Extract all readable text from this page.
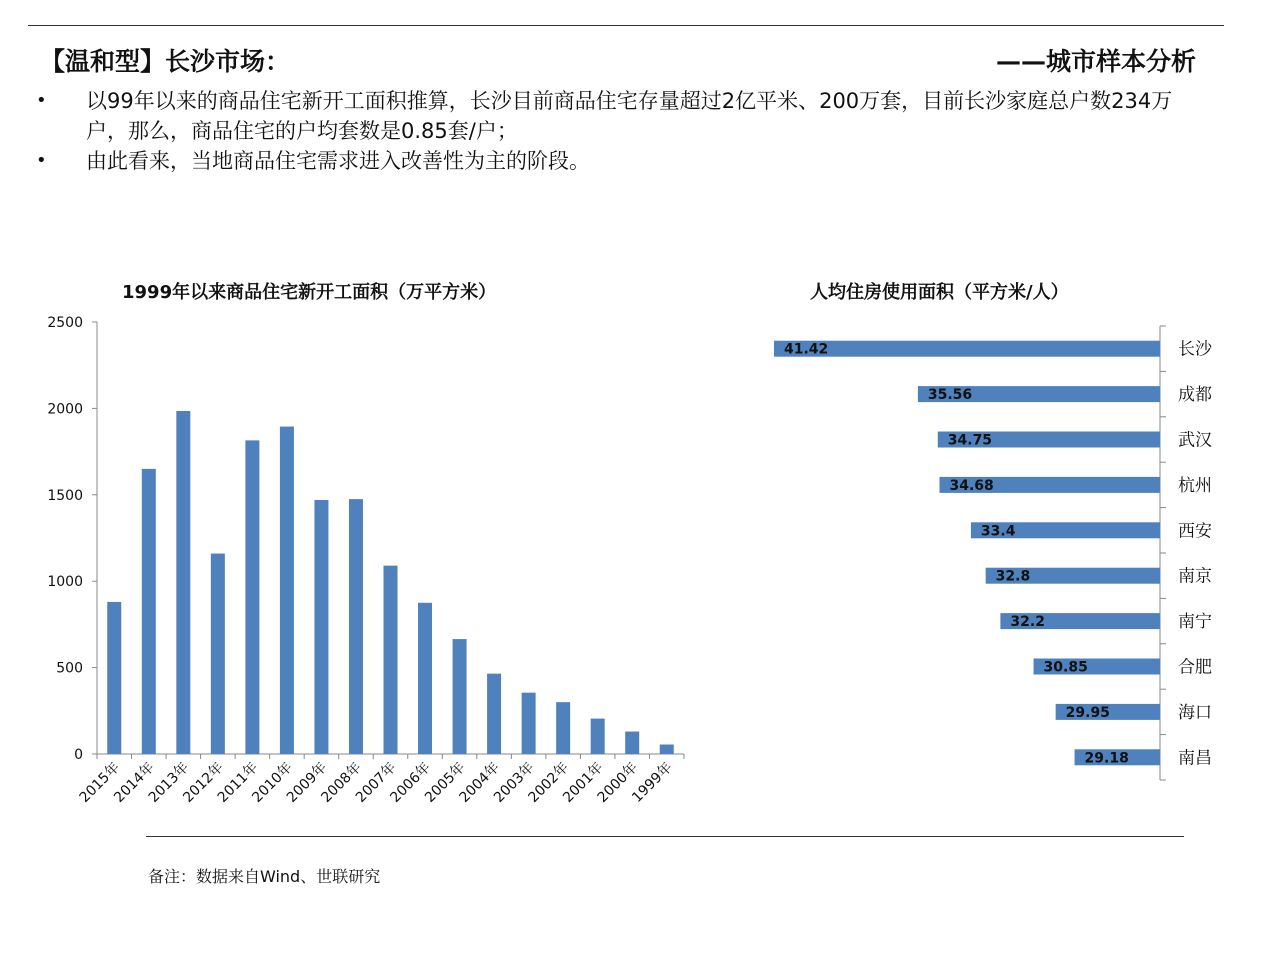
【温和型】长沙市场：	——城市样本分析
• 以99年以来的商品住宅新开工面积推算，长沙目前商品住宅存量超过2亿平米、200万套，目前长沙家庭总户数234万户，那么，商品住宅的户均套数是0.85套/户；
• 由此看来，当地商品住宅需求进入改善性为主的阶段。
1999年以来商品住宅新开工面积（万平方米）	人均住房使用面积（平方米/人）
0
500
1000
1500
2000
2500
2015年
2014年
2013年
2012年
2011年
2010年
2009年
2008年
2007年
2006年
2005年
2004年
2003年
2002年
2001年
2000年
1999年
41.42	长沙
35.56	成都
34.75	武汉
34.68	杭州
33.4	西安
32.8	南京
32.2	南宁
30.85	合肥
29.95	海口
29.18	南昌
备注：数据来自Wind、世联研究
